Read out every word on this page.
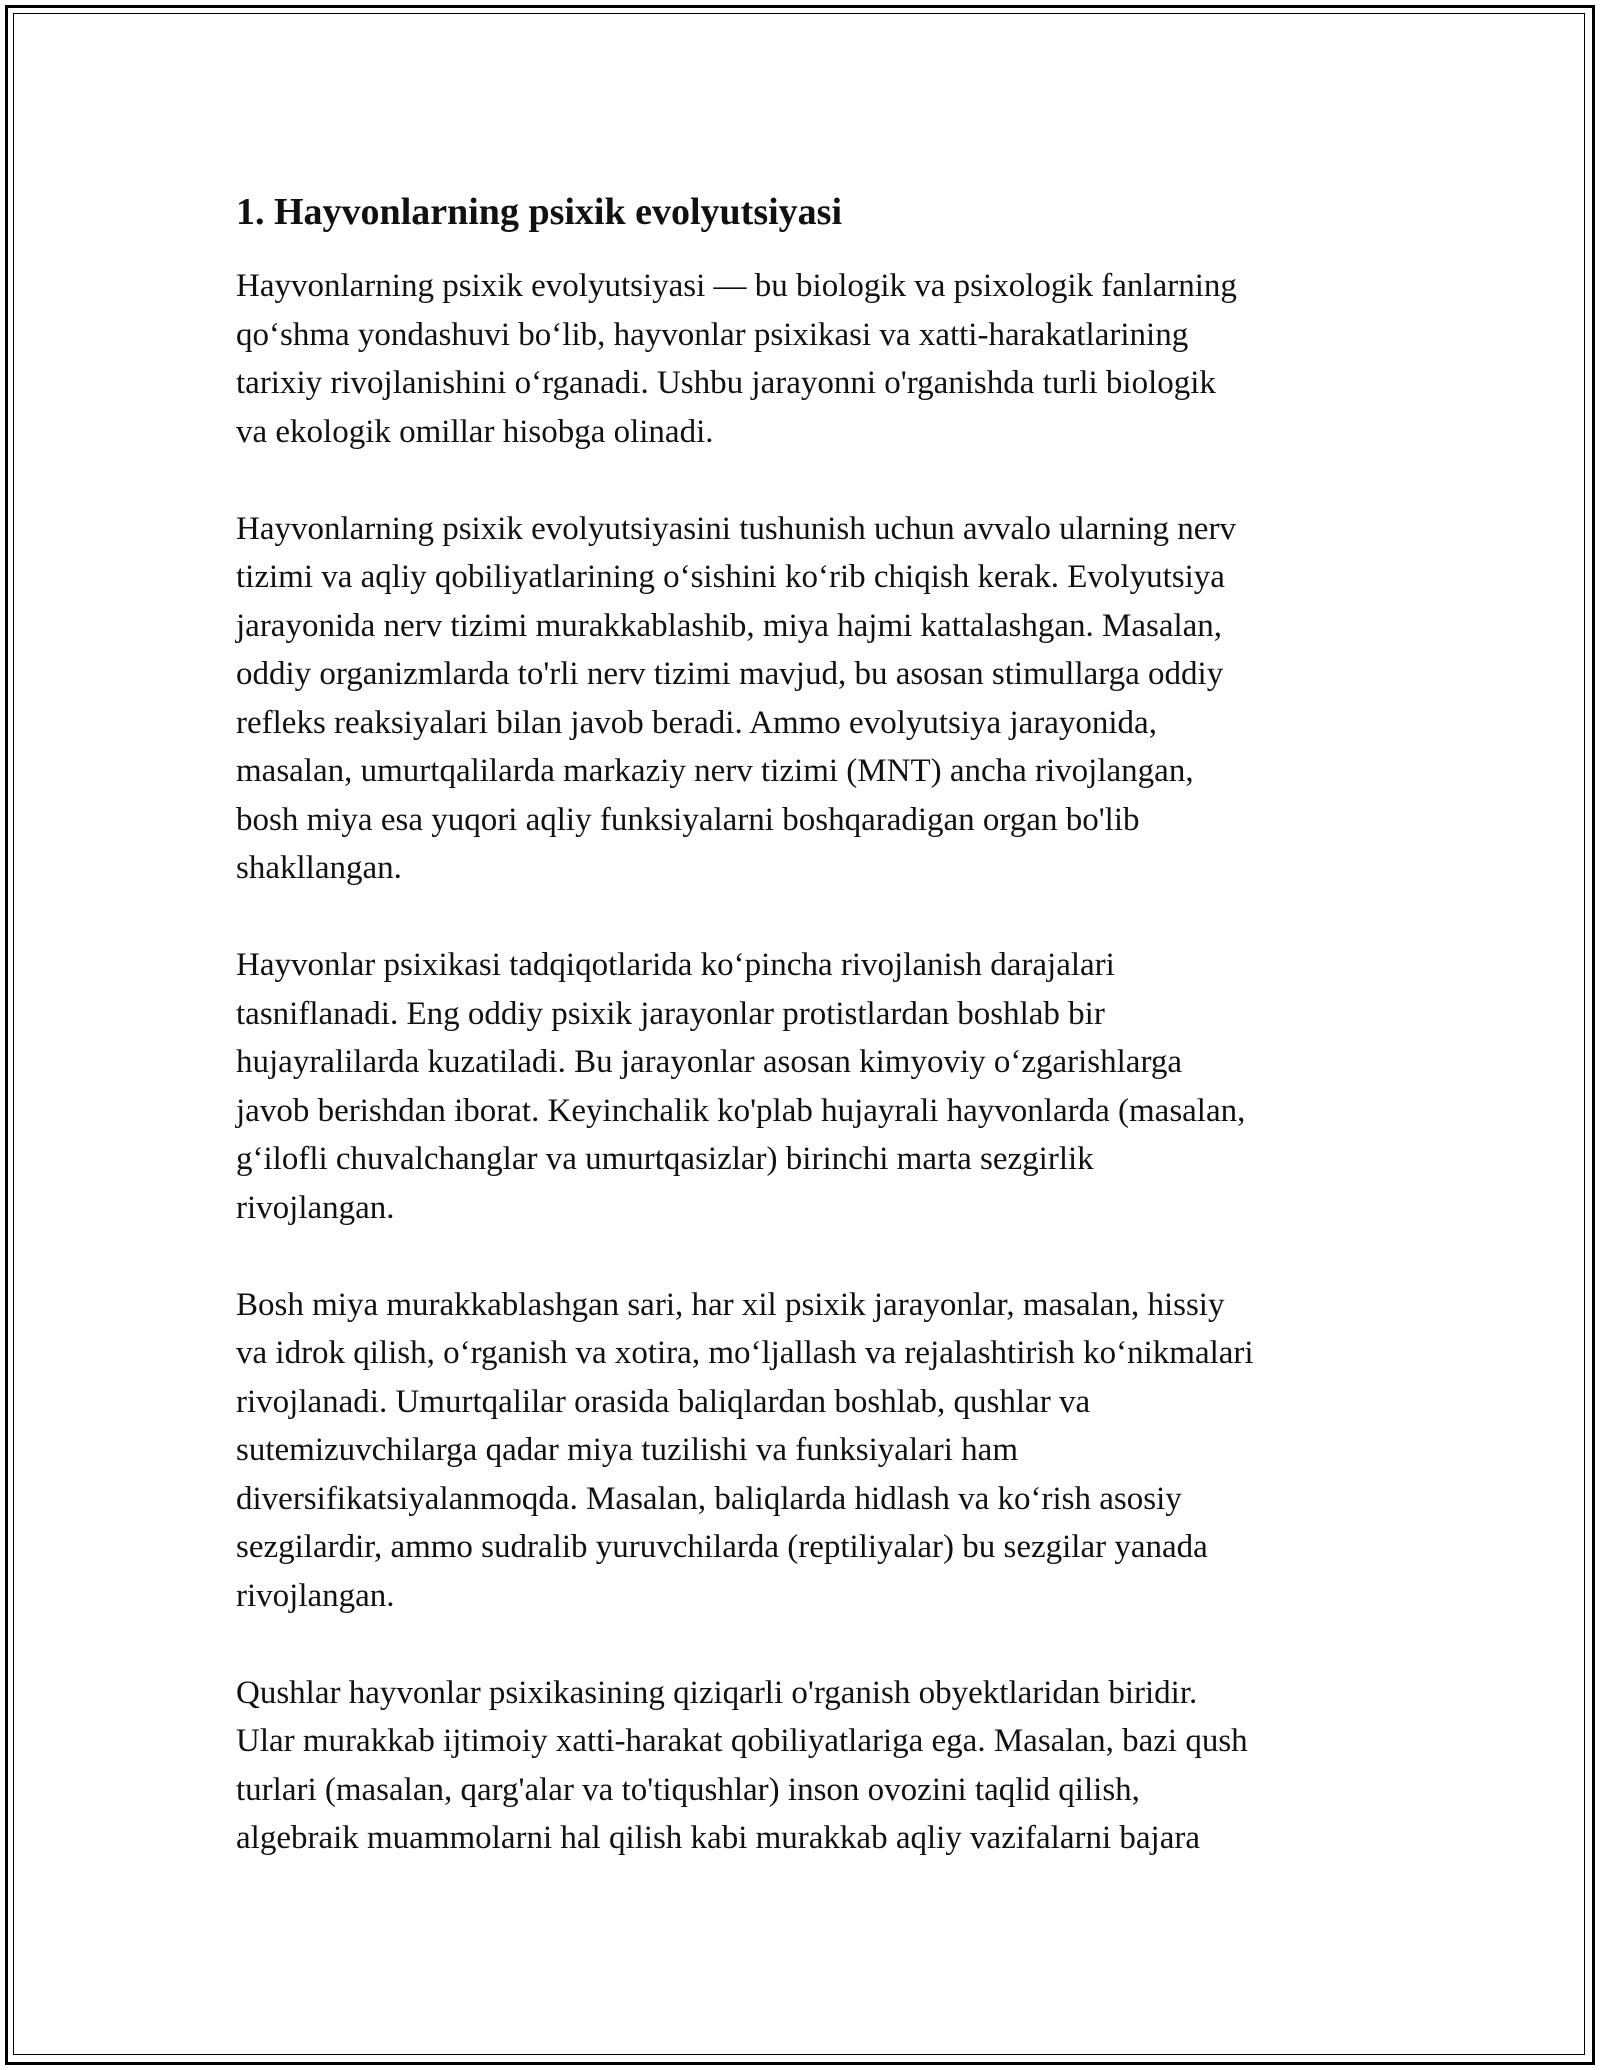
1. Hayvonlarning psixik evolyutsiyasi

Hayvonlarning psixik evolyutsiyasi — bu biologik va psixologik fanlarning
qo‘shma yondashuvi bo‘lib, hayvonlar psixikasi va xatti-harakatlarining
tarixiy rivojlanishini o‘rganadi. Ushbu jarayonni o'rganishda turli biologik
va ekologik omillar hisobga olinadi.

Hayvonlarning psixik evolyutsiyasini tushunish uchun avvalo ularning nerv
tizimi va aqliy qobiliyatlarining o‘sishini ko‘rib chiqish kerak. Evolyutsiya
jarayonida nerv tizimi murakkablashib, miya hajmi kattalashgan. Masalan,
oddiy organizmlarda to'rli nerv tizimi mavjud, bu asosan stimullarga oddiy
refleks reaksiyalari bilan javob beradi. Ammo evolyutsiya jarayonida,
masalan, umurtqalilarda markaziy nerv tizimi (MNT) ancha rivojlangan,
bosh miya esa yuqori aqliy funksiyalarni boshqaradigan organ bo'lib
shakllangan.

Hayvonlar psixikasi tadqiqotlarida ko‘pincha rivojlanish darajalari
tasniflanadi. Eng oddiy psixik jarayonlar protistlardan boshlab bir
hujayralilarda kuzatiladi. Bu jarayonlar asosan kimyoviy o‘zgarishlarga
javob berishdan iborat. Keyinchalik ko'plab hujayrali hayvonlarda (masalan,
g‘ilofli chuvalchanglar va umurtqasizlar) birinchi marta sezgirlik
rivojlangan.

Bosh miya murakkablashgan sari, har xil psixik jarayonlar, masalan, hissiy
va idrok qilish, o‘rganish va xotira, mo‘ljallash va rejalashtirish ko‘nikmalari
rivojlanadi. Umurtqalilar orasida baliqlardan boshlab, qushlar va
sutemizuvchilarga qadar miya tuzilishi va funksiyalari ham
diversifikatsiyalanmoqda. Masalan, baliqlarda hidlash va ko‘rish asosiy
sezgilardir, ammo sudralib yuruvchilarda (reptiliyalar) bu sezgilar yanada
rivojlangan.

Qushlar hayvonlar psixikasining qiziqarli o'rganish obyektlaridan biridir.
Ular murakkab ijtimoiy xatti-harakat qobiliyatlariga ega. Masalan, bazi qush
turlari (masalan, qarg'alar va to'tiqushlar) inson ovozini taqlid qilish,
algebraik muammolarni hal qilish kabi murakkab aqliy vazifalarni bajara
